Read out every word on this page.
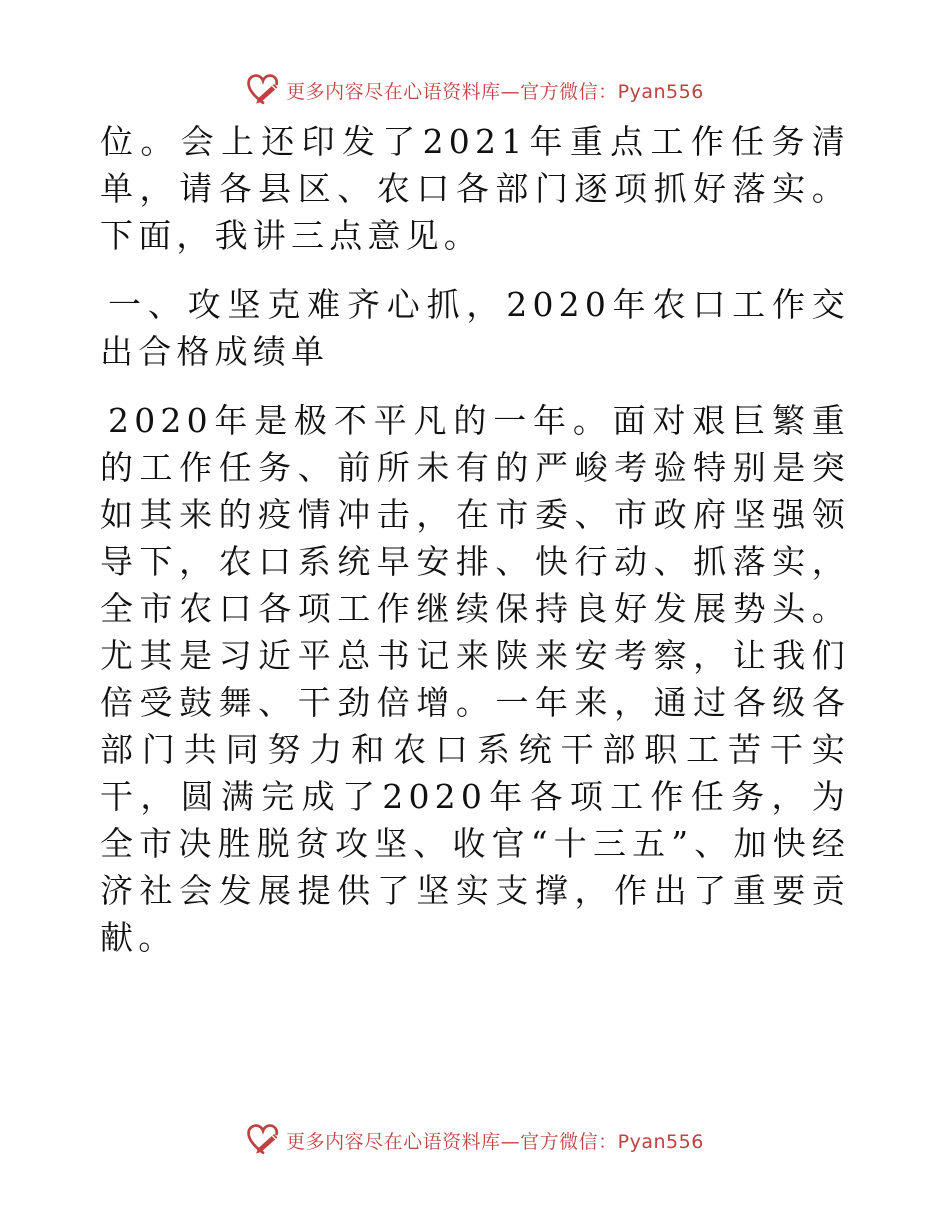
更多内容尽在心语资料库—官方微信：Pyan556

位。会上还印发了2021年重点工作任务清单，请各县区、农口各部门逐项抓好落实。下面，我讲三点意见。

一、攻坚克难齐心抓，2020年农口工作交出合格成绩单

2020年是极不平凡的一年。面对艰巨繁重的工作任务、前所未有的严峻考验特别是突如其来的疫情冲击，在市委、市政府坚强领导下，农口系统早安排、快行动、抓落实，全市农口各项工作继续保持良好发展势头。尤其是习近平总书记来陕来安考察，让我们倍受鼓舞、干劲倍增。一年来，通过各级各部门共同努力和农口系统干部职工苦干实干，圆满完成了2020年各项工作任务，为全市决胜脱贫攻坚、收官“十三五”、加快经济社会发展提供了坚实支撑，作出了重要贡献。

更多内容尽在心语资料库—官方微信：Pyan556
